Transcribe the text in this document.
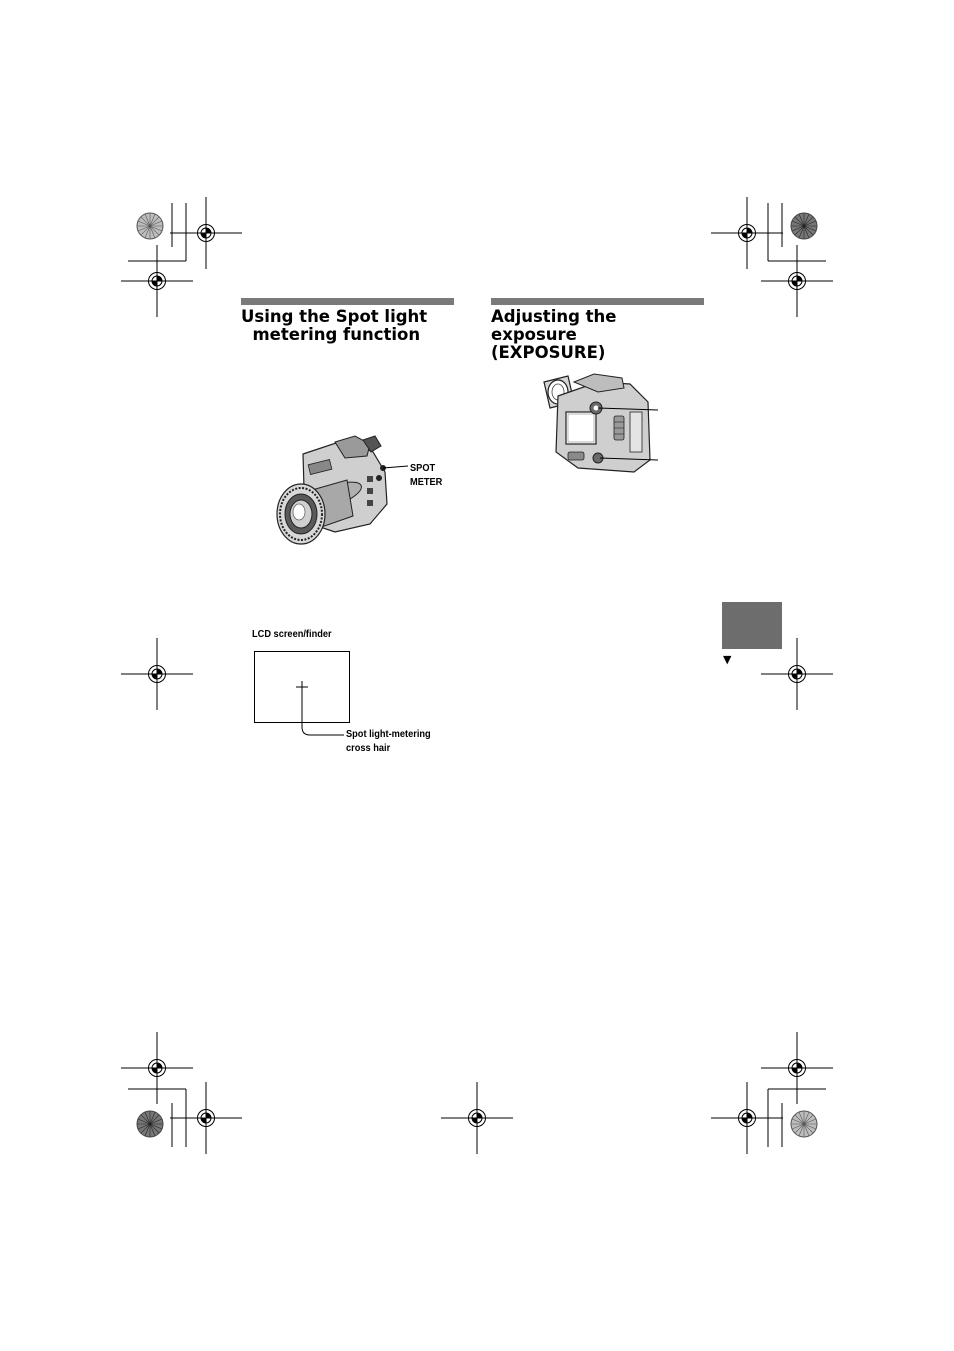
Using the Spot light
metering function
SPOT
METER
LCD screen/finder
Spot light-metering
cross hair
Adjusting the
exposure
(EXPOSURE)
▼
